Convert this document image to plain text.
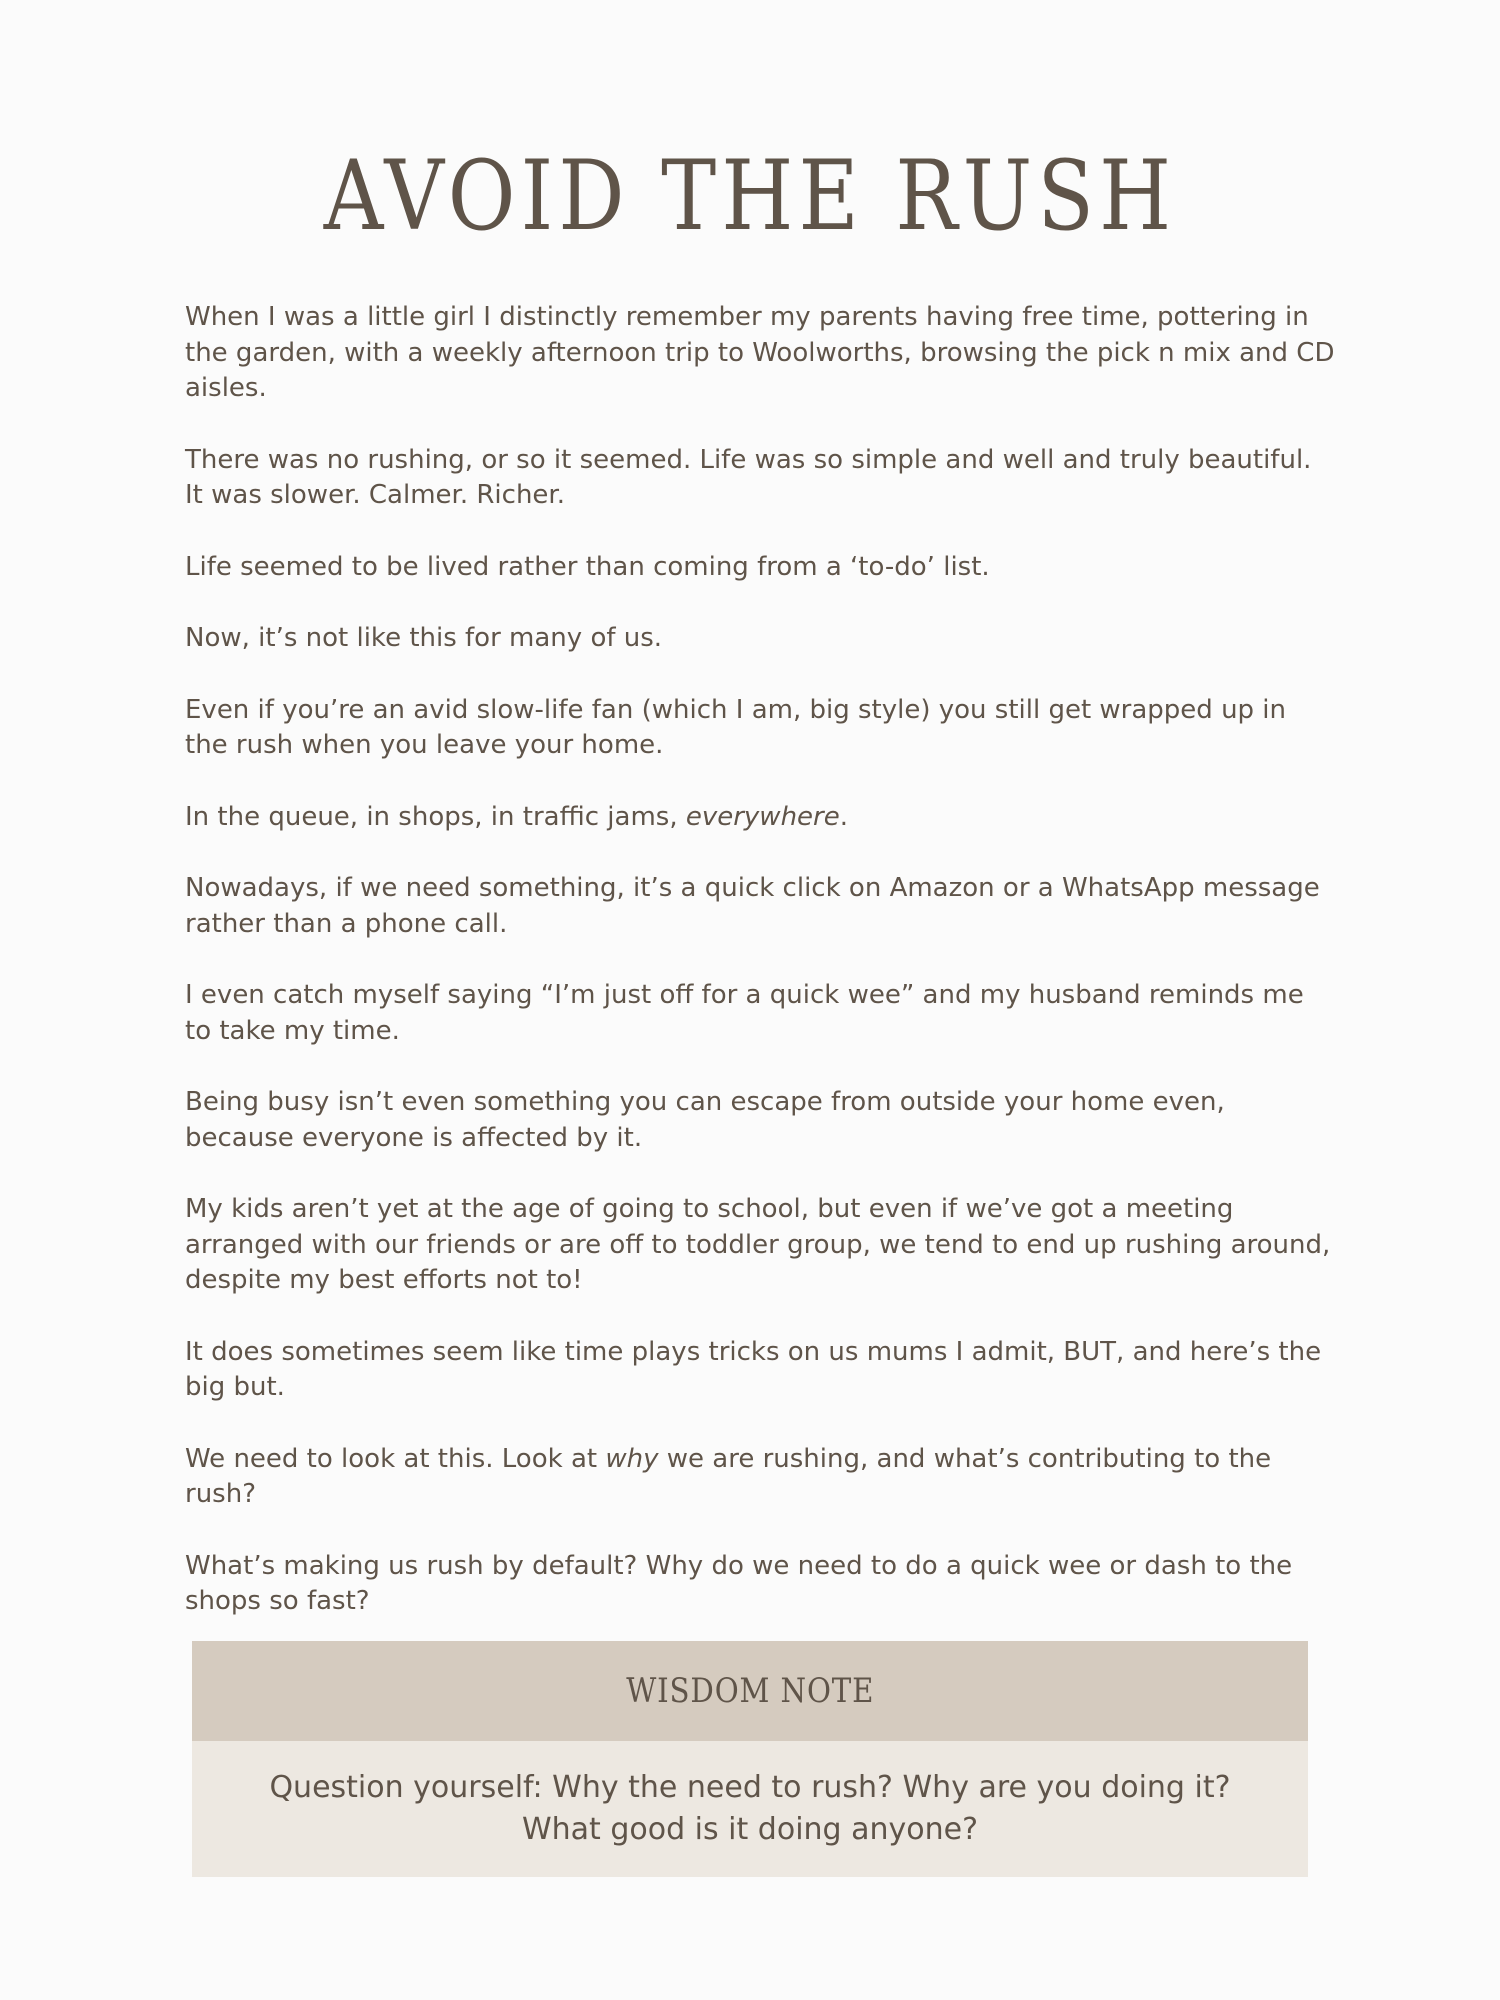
AVOID THE RUSH

When I was a little girl I distinctly remember my parents having free time, pottering in the garden, with a weekly afternoon trip to Woolworths, browsing the pick n mix and CD aisles.

There was no rushing, or so it seemed. Life was so simple and well and truly beautiful. It was slower. Calmer. Richer.

Life seemed to be lived rather than coming from a ‘to-do’ list.

Now, it’s not like this for many of us.

Even if you’re an avid slow-life fan (which I am, big style) you still get wrapped up in the rush when you leave your home.

In the queue, in shops, in traffic jams, everywhere.

Nowadays, if we need something, it’s a quick click on Amazon or a WhatsApp message rather than a phone call.

I even catch myself saying “I’m just off for a quick wee” and my husband reminds me to take my time.

Being busy isn’t even something you can escape from outside your home even, because everyone is affected by it.

My kids aren’t yet at the age of going to school, but even if we’ve got a meeting arranged with our friends or are off to toddler group, we tend to end up rushing around, despite my best efforts not to!

It does sometimes seem like time plays tricks on us mums I admit, BUT, and here’s the big but.

We need to look at this. Look at why we are rushing, and what’s contributing to the rush?

What’s making us rush by default? Why do we need to do a quick wee or dash to the shops so fast?

WISDOM NOTE
Question yourself: Why the need to rush? Why are you doing it? What good is it doing anyone?
